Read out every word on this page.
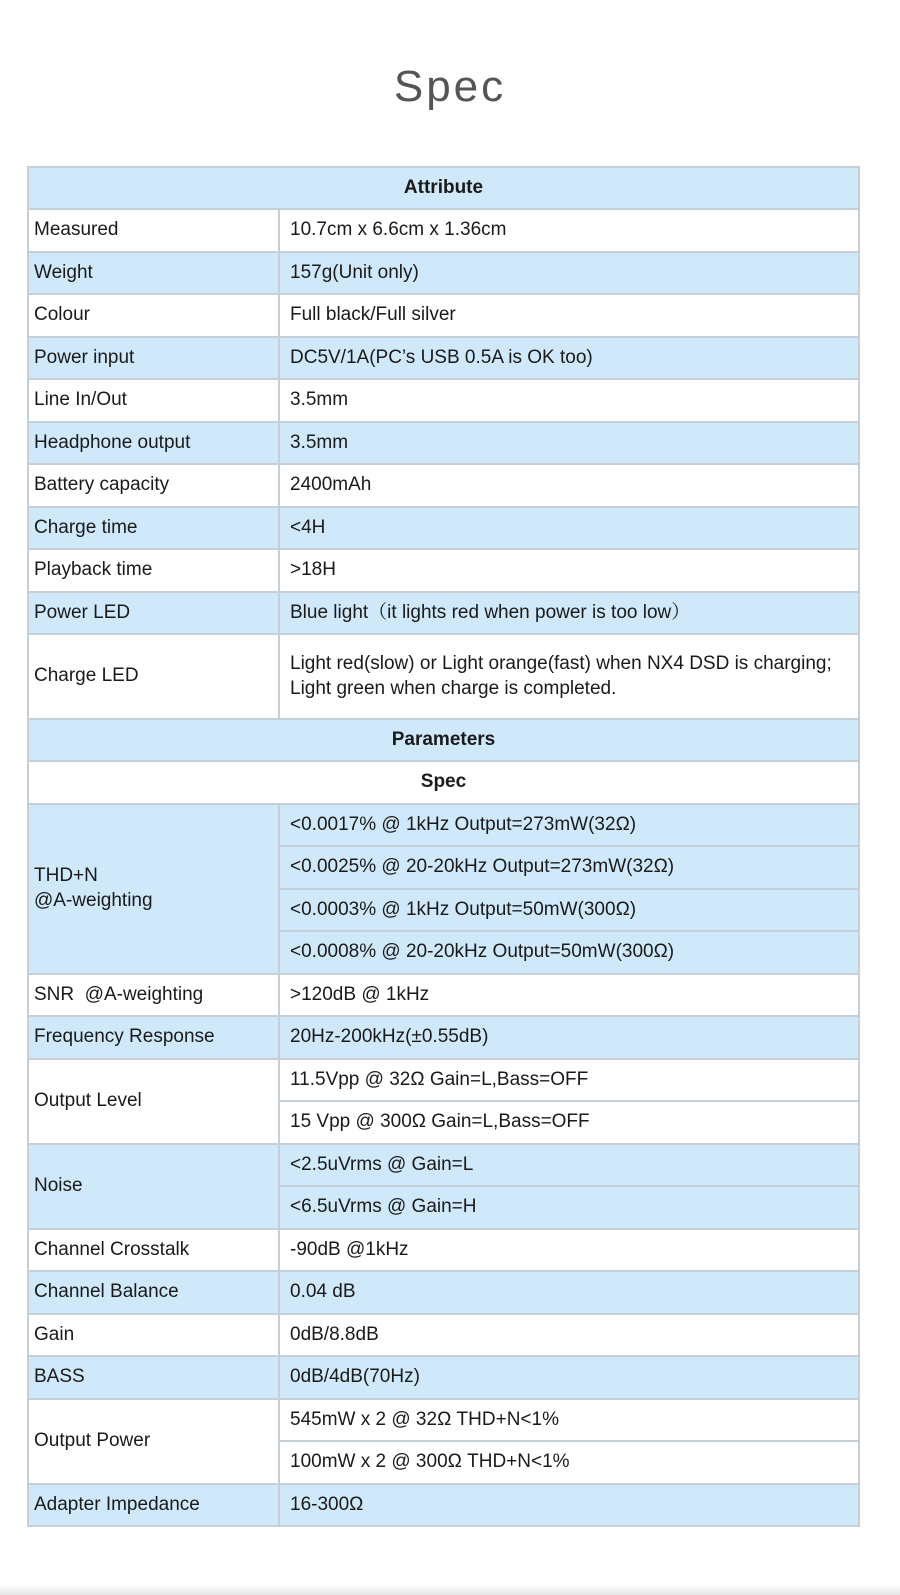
Spec
Attribute	
Measured	10.7cm x 6.6cm x 1.36cm
Weight	157g(Unit only)
Colour	Full black/Full silver
Power input	DC5V/1A(PC’s USB 0.5A is OK too)
Line In/Out	3.5mm
Headphone output	3.5mm
Battery capacity	2400mAh
Charge time	<4H
Playback time	>18H
Power LED	Blue light（it lights red when power is too low）
Charge LED	Light red(slow) or Light orange(fast) when NX4 DSD is charging; Light green when charge is completed.
Parameters	
Spec	
THD+N
@A-weighting	<0.0017% @ 1kHz Output=273mW(32Ω)
	<0.0025% @ 20-20kHz Output=273mW(32Ω)
	<0.0003% @ 1kHz Output=50mW(300Ω)
	<0.0008% @ 20-20kHz Output=50mW(300Ω)
SNR  @A-weighting	>120dB @ 1kHz
Frequency Response	20Hz-200kHz(±0.55dB)
Output Level	11.5Vpp @ 32Ω Gain=L,Bass=OFF
	15 Vpp @ 300Ω Gain=L,Bass=OFF
Noise	<2.5uVrms @ Gain=L
	<6.5uVrms @ Gain=H
Channel Crosstalk	-90dB @1kHz
Channel Balance	0.04 dB
Gain	0dB/8.8dB
BASS	0dB/4dB(70Hz)
Output Power	545mW x 2 @ 32Ω THD+N<1%
	100mW x 2 @ 300Ω THD+N<1%
Adapter Impedance	16-300Ω
